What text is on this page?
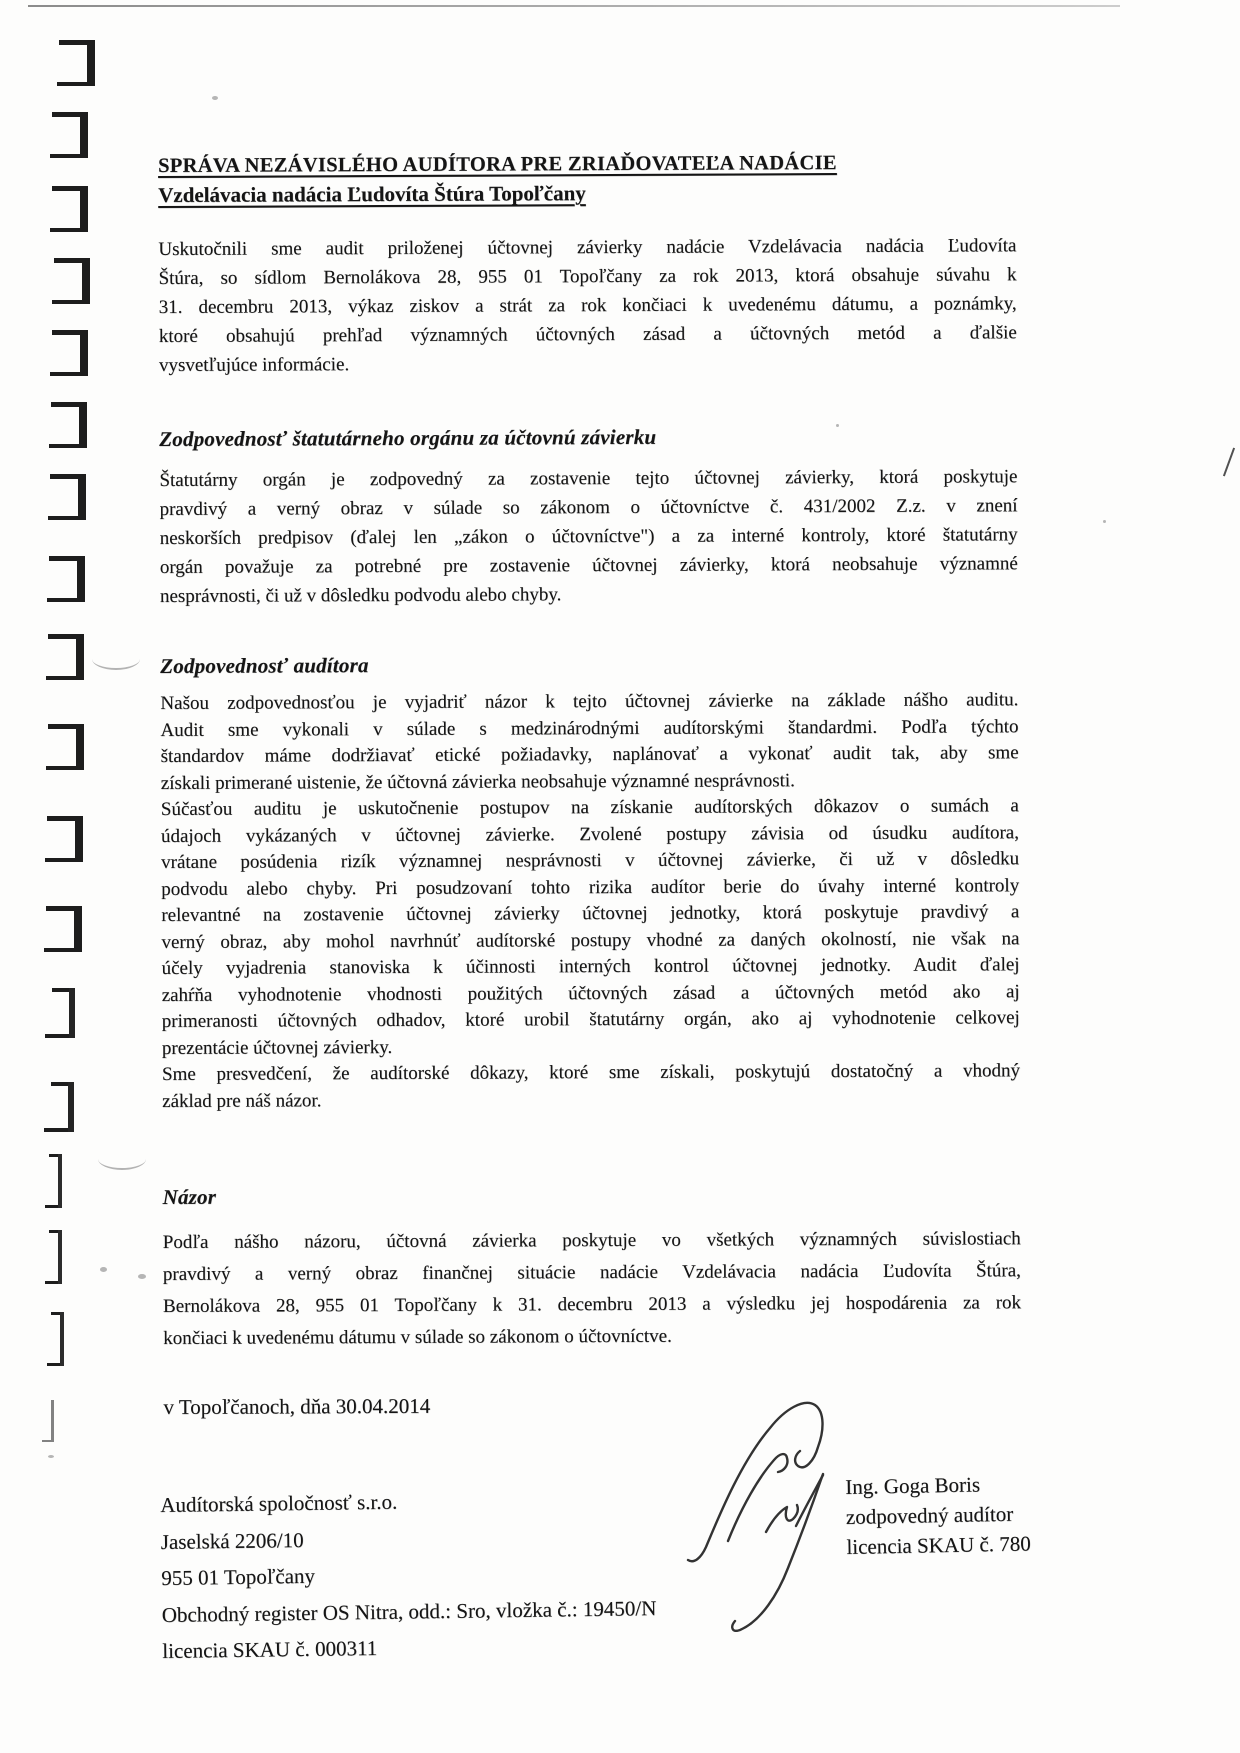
SPRÁVA NEZÁVISLÉHO AUDÍTORA PRE ZRIAĎOVATEĽA NADÁCIE
Vzdelávacia nadácia Ľudovíta Štúra Topoľčany
Uskutočnili sme audit priloženej účtovnej závierky nadácie Vzdelávacia nadácia Ľudovíta
Štúra, so sídlom Bernolákova 28, 955 01 Topoľčany za rok 2013, ktorá obsahuje súvahu k
31. decembru 2013, výkaz ziskov a strát za rok končiaci k uvedenému dátumu, a poznámky,
ktoré obsahujú prehľad významných účtovných zásad a účtovných metód a ďalšie
vysvetľujúce informácie.
Zodpovednosť štatutárneho orgánu za účtovnú závierku
Štatutárny orgán je zodpovedný za zostavenie tejto účtovnej závierky, ktorá poskytuje
pravdivý a verný obraz v súlade so zákonom o účtovníctve č. 431/2002 Z.z. v znení
neskorších predpisov (ďalej len „zákon o účtovníctve") a za interné kontroly, ktoré štatutárny
orgán považuje za potrebné pre zostavenie účtovnej závierky, ktorá neobsahuje významné
nesprávnosti, či už v dôsledku podvodu alebo chyby.
Zodpovednosť audítora
Našou zodpovednosťou je vyjadriť názor k tejto účtovnej závierke na základe nášho auditu.
Audit sme vykonali v súlade s medzinárodnými audítorskými štandardmi. Podľa týchto
štandardov máme dodržiavať etické požiadavky, naplánovať a vykonať audit tak, aby sme
získali primerané uistenie, že účtovná závierka neobsahuje významné nesprávnosti.
Súčasťou auditu je uskutočnenie postupov na získanie audítorských dôkazov o sumách a
údajoch vykázaných v účtovnej závierke. Zvolené postupy závisia od úsudku audítora,
vrátane posúdenia rizík významnej nesprávnosti v účtovnej závierke, či už v dôsledku
podvodu alebo chyby. Pri posudzovaní tohto rizika audítor berie do úvahy interné kontroly
relevantné na zostavenie účtovnej závierky účtovnej jednotky, ktorá poskytuje pravdivý a
verný obraz, aby mohol navrhnúť audítorské postupy vhodné za daných okolností, nie však na
účely vyjadrenia stanoviska k účinnosti interných kontrol účtovnej jednotky. Audit ďalej
zahŕňa vyhodnotenie vhodnosti použitých účtovných zásad a účtovných metód ako aj
primeranosti účtovných odhadov, ktoré urobil štatutárny orgán, ako aj vyhodnotenie celkovej
prezentácie účtovnej závierky.
Sme presvedčení, že audítorské dôkazy, ktoré sme získali, poskytujú dostatočný a vhodný
základ pre náš názor.
Názor
Podľa nášho názoru, účtovná závierka poskytuje vo všetkých významných súvislostiach
pravdivý a verný obraz finančnej situácie nadácie Vzdelávacia nadácia Ľudovíta Štúra,
Bernolákova 28, 955 01 Topoľčany k 31. decembru 2013 a výsledku jej hospodárenia za rok
končiaci k uvedenému dátumu v súlade so zákonom o účtovníctve.
v Topoľčanoch, dňa 30.04.2014
Audítorská spoločnosť s.r.o.
Jaselská 2206/10
955 01 Topoľčany
Obchodný register OS Nitra, odd.: Sro, vložka č.: 19450/N
licencia SKAU č. 000311
Ing. Goga Boris
zodpovedný audítor
licencia SKAU č. 780
